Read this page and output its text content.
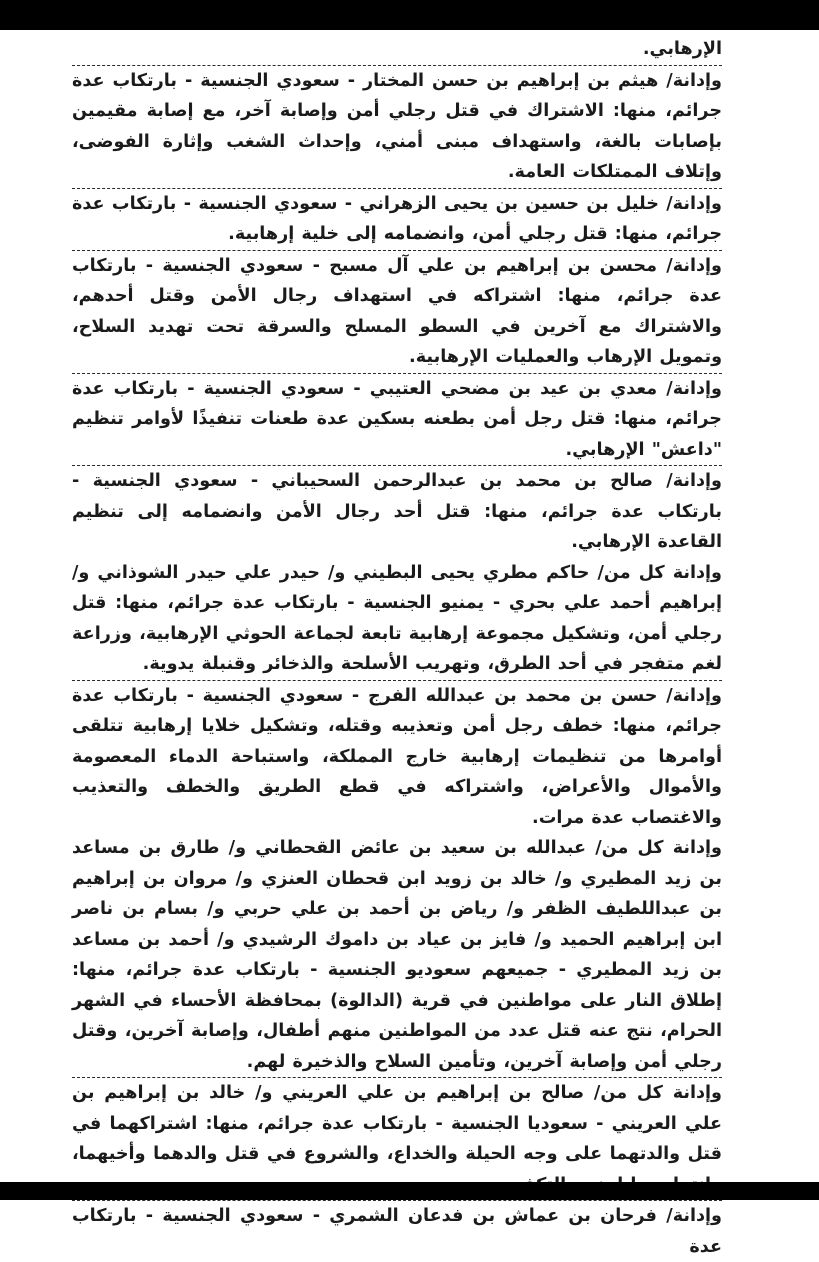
الإرهابي.

وإدانة/ هيثم بن إبراهيم بن حسن المختار - سعودي الجنسية - بارتكاب عدة جرائم، منها: الاشتراك في قتل رجلي أمن وإصابة آخر، مع إصابة مقيمين بإصابات بالغة، واستهداف مبنى أمني، وإحداث الشغب وإثارة الفوضى، وإتلاف الممتلكات العامة.

وإدانة/ خليل بن حسين بن يحيى الزهراني - سعودي الجنسية - بارتكاب عدة جرائم، منها: قتل رجلي أمن، وانضمامه إلى خلية إرهابية.

وإدانة/ محسن بن إبراهيم بن علي آل مسبح - سعودي الجنسية - بارتكاب عدة جرائم، منها: اشتراكه في استهداف رجال الأمن وقتل أحدهم، والاشتراك مع آخرين في السطو المسلح والسرقة تحت تهديد السلاح، وتمويل الإرهاب والعمليات الإرهابية.

وإدانة/ معدي بن عيد بن مضحي العتيبي - سعودي الجنسية - بارتكاب عدة جرائم، منها: قتل رجل أمن بطعنه بسكين عدة طعنات تنفيذًا لأوامر تنظيم "داعش" الإرهابي.

وإدانة/ صالح بن محمد بن عبدالرحمن السحيباني - سعودي الجنسية - بارتكاب عدة جرائم، منها: قتل أحد رجال الأمن وانضمامه إلى تنظيم القاعدة الإرهابي.

وإدانة كل من/ حاكم مطري يحيى البطيني و/ حيدر علي حيدر الشوذاني و/ إبراهيم أحمد علي بحري - يمنيو الجنسية - بارتكاب عدة جرائم، منها: قتل رجلي أمن، وتشكيل مجموعة إرهابية تابعة لجماعة الحوثي الإرهابية، وزراعة لغم متفجر في أحد الطرق، وتهريب الأسلحة والذخائر وقنبلة يدوية.

وإدانة/ حسن بن محمد بن عبدالله الفرج - سعودي الجنسية - بارتكاب عدة جرائم، منها: خطف رجل أمن وتعذيبه وقتله، وتشكيل خلايا إرهابية تتلقى أوامرها من تنظيمات إرهابية خارج المملكة، واستباحة الدماء المعصومة والأموال والأعراض، واشتراكه في قطع الطريق والخطف والتعذيب والاغتصاب عدة مرات.

وإدانة كل من/ عبدالله بن سعيد بن عائض القحطاني و/ طارق بن مساعد بن زيد المطيري و/ خالد بن زويد ابن قحطان العنزي و/ مروان بن إبراهيم بن عبداللطيف الظفر و/ رياض بن أحمد بن علي حربي و/ بسام بن ناصر ابن إبراهيم الحميد و/ فايز بن عياد بن داموك الرشيدي و/ أحمد بن مساعد بن زيد المطيري - جميعهم سعوديو الجنسية - بارتكاب عدة جرائم، منها: إطلاق النار على مواطنين في قرية (الدالوة) بمحافظة الأحساء في الشهر الحرام، نتج عنه قتل عدد من المواطنين منهم أطفال، وإصابة آخرين، وقتل رجلي أمن وإصابة آخرين، وتأمين السلاح والذخيرة لهم.

وإدانة كل من/ صالح بن إبراهيم بن علي العريني و/ خالد بن إبراهيم بن علي العريني - سعوديا الجنسية - بارتكاب عدة جرائم، منها: اشتراكهما في قتل والدتهما على وجه الحيلة والخداع، والشروع في قتل والدهما وأخيهما،

وإدانة/ فرحان بن عماش بن فدعان الشمري - سعودي الجنسية - بارتكاب عدة
